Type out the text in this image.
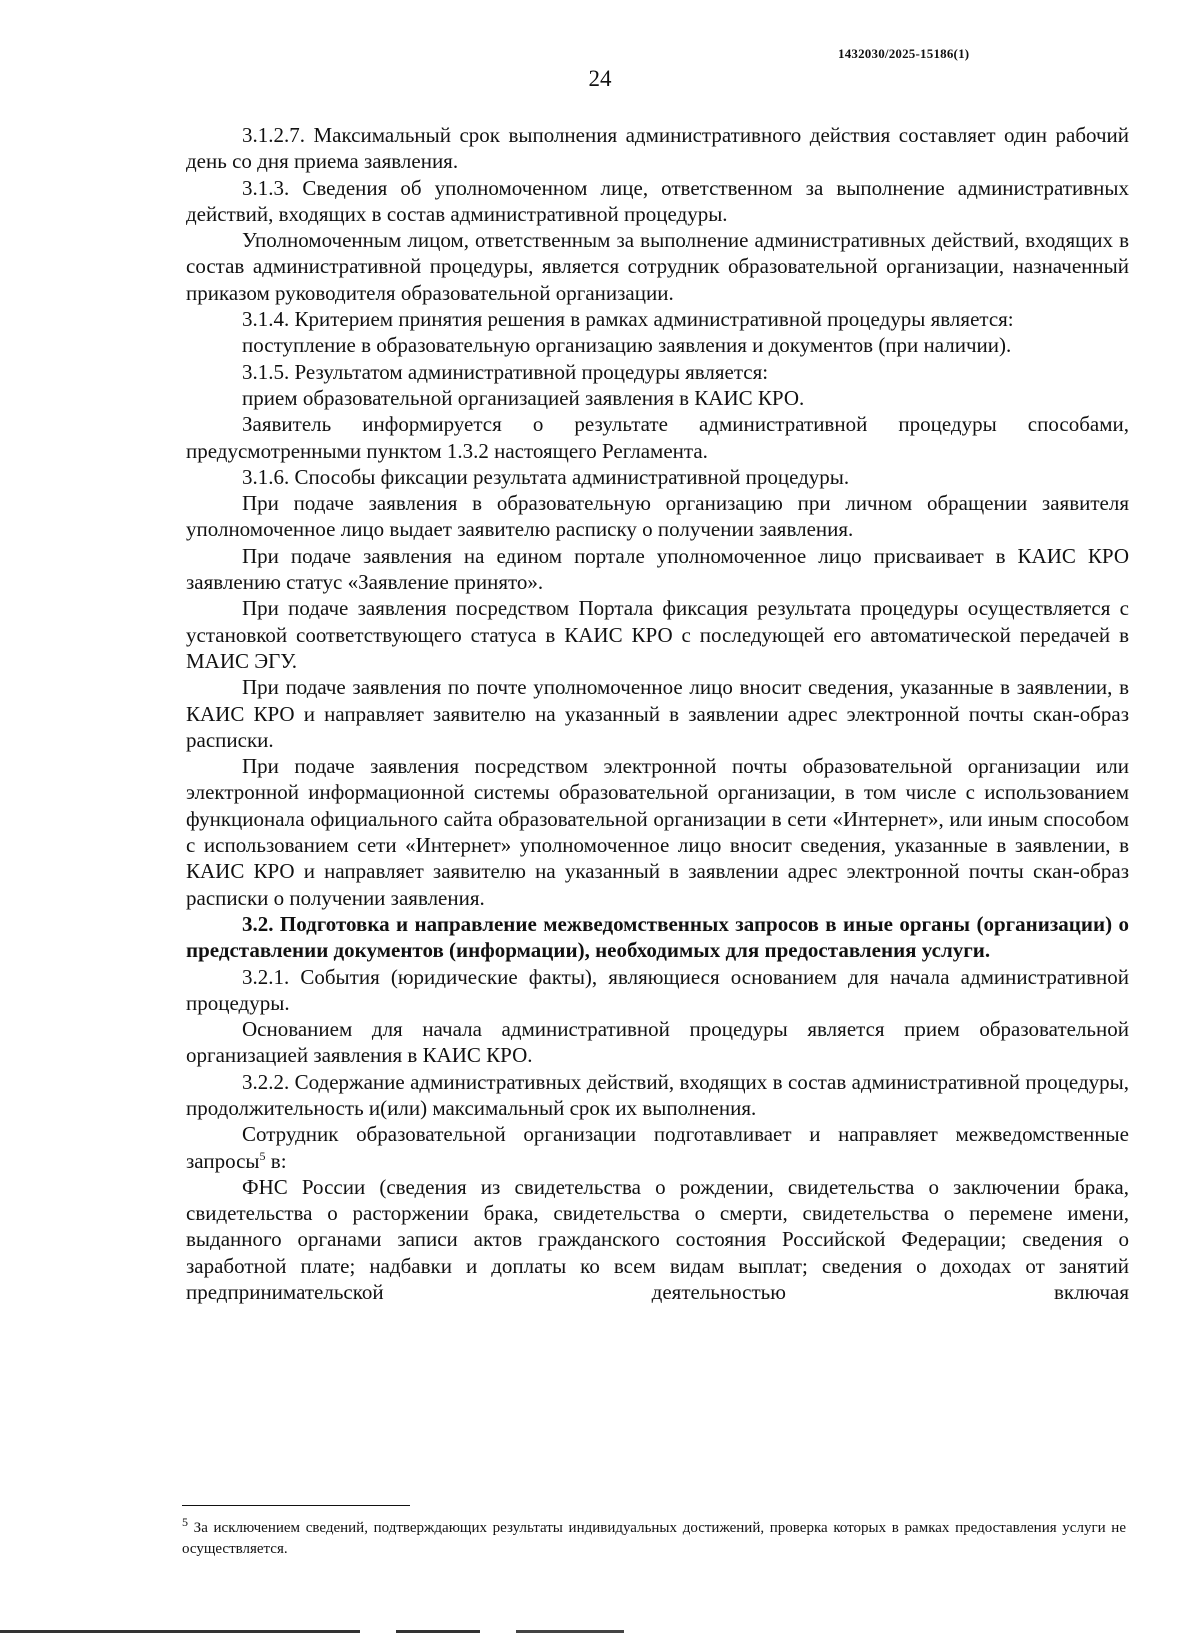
1432030/2025-15186(1)
24

3.1.2.7. Максимальный срок выполнения административного действия составляет один рабочий день со дня приема заявления.

3.1.3. Сведения об уполномоченном лице, ответственном за выполнение административных действий, входящих в состав административной процедуры.

Уполномоченным лицом, ответственным за выполнение административных действий, входящих в состав административной процедуры, является сотрудник образовательной организации, назначенный приказом руководителя образовательной организации.

3.1.4. Критерием принятия решения в рамках административной процедуры является:

поступление в образовательную организацию заявления и документов (при наличии).

3.1.5. Результатом административной процедуры является:

прием образовательной организацией заявления в КАИС КРО.

Заявитель информируется о результате административной процедуры способами, предусмотренными пунктом 1.3.2 настоящего Регламента.

3.1.6. Способы фиксации результата административной процедуры.

При подаче заявления в образовательную организацию при личном обращении заявителя уполномоченное лицо выдает заявителю расписку о получении заявления.

При подаче заявления на едином портале уполномоченное лицо присваивает в КАИС КРО заявлению статус «Заявление принято».

При подаче заявления посредством Портала фиксация результата процедуры осуществляется с установкой соответствующего статуса в КАИС КРО с последующей его автоматической передачей в МАИС ЭГУ.

При подаче заявления по почте уполномоченное лицо вносит сведения, указанные в заявлении, в КАИС КРО и направляет заявителю на указанный в заявлении адрес электронной почты скан-образ расписки.

При подаче заявления посредством электронной почты образовательной организации или электронной информационной системы образовательной организации, в том числе с использованием функционала официального сайта образовательной организации в сети «Интернет», или иным способом с использованием сети «Интернет» уполномоченное лицо вносит сведения, указанные в заявлении, в КАИС КРО и направляет заявителю на указанный в заявлении адрес электронной почты скан-образ расписки о получении заявления.

3.2. Подготовка и направление межведомственных запросов в иные органы (организации) о представлении документов (информации), необходимых для предоставления услуги.

3.2.1. События (юридические факты), являющиеся основанием для начала административной процедуры.

Основанием для начала административной процедуры является прием образовательной организацией заявления в КАИС КРО.

3.2.2. Содержание административных действий, входящих в состав административной процедуры, продолжительность и(или) максимальный срок их выполнения.

Сотрудник образовательной организации подготавливает и направляет межведомственные запросы$^5$ в:

ФНС России (сведения из свидетельства о рождении, свидетельства о заключении брака, свидетельства о расторжении брака, свидетельства о смерти, свидетельства о перемене имени, выданного органами записи актов гражданского состояния Российской Федерации; сведения о заработной плате; надбавки и доплаты ко всем видам выплат; сведения о доходах от занятий предпринимательской деятельностью включая

$^5$ За исключением сведений, подтверждающих результаты индивидуальных достижений, проверка которых в рамках предоставления услуги не осуществляется.
